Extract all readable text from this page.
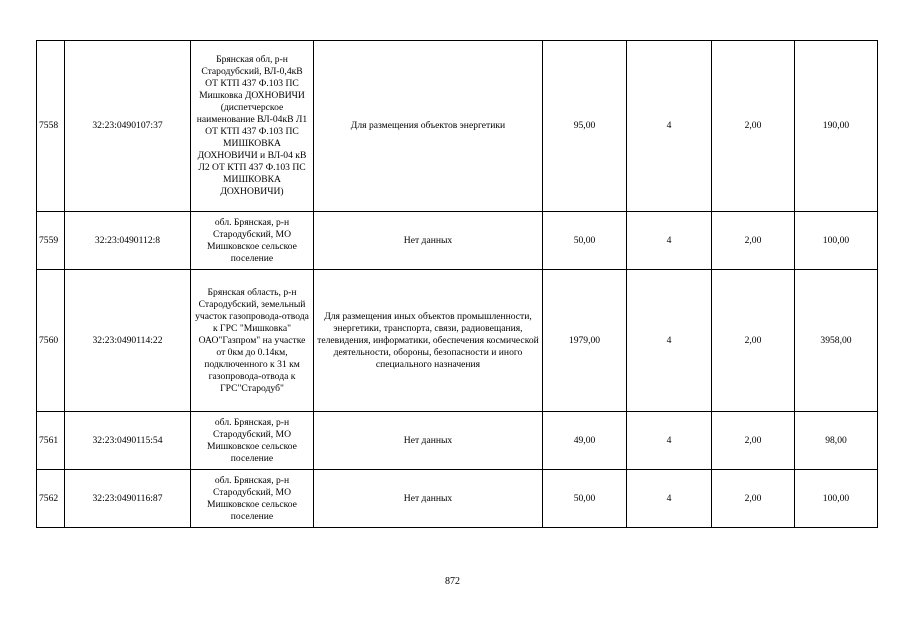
7558	32:23:0490107:37	Брянская обл, р-н Стародубский, ВЛ-0,4кВ ОТ КТП 437 Ф.103 ПС Мишковка ДОХНОВИЧИ (диспетчерское наименование ВЛ-04кВ Л1 ОТ КТП 437 Ф.103 ПС МИШКОВКА ДОХНОВИЧИ и ВЛ-04 кВ Л2 ОТ КТП 437 Ф.103 ПС МИШКОВКА ДОХНОВИЧИ)	Для размещения объектов энергетики	95,00	4	2,00	190,00
7559	32:23:0490112:8	обл. Брянская, р-н Стародубский, МО Мишковское сельское поселение	Нет данных	50,00	4	2,00	100,00
7560	32:23:0490114:22	Брянская область, р-н Стародубский, земельный участок газопровода-отвода к ГРС "Мишковка" ОАО"Газпром" на участке от 0км до 0.14км, подключенного к 31 км газопровода-отвода к ГРС"Стародуб"	Для размещения иных объектов промышленности, энергетики, транспорта, связи, радиовещания, телевидения, информатики, обеспечения космической деятельности, обороны, безопасности и иного специального назначения	1979,00	4	2,00	3958,00
7561	32:23:0490115:54	обл. Брянская, р-н Стародубский, МО Мишковское сельское поселение	Нет данных	49,00	4	2,00	98,00
7562	32:23:0490116:87	обл. Брянская, р-н Стародубский, МО Мишковское сельское поселение	Нет данных	50,00	4	2,00	100,00
872
